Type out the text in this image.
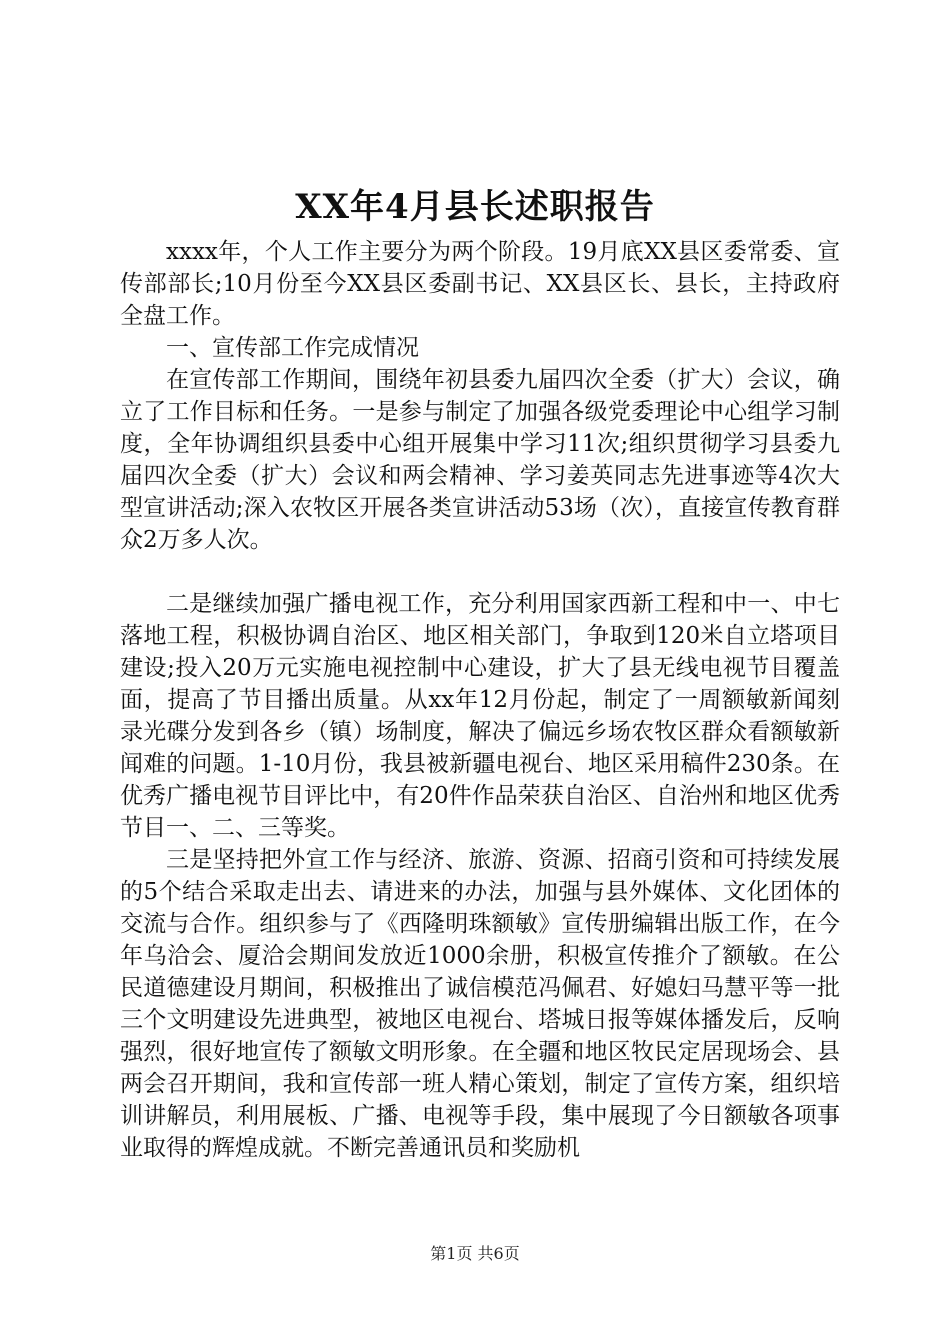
XX年4月县长述职报告

xxxx年，个人工作主要分为两个阶段。19月底XX县区委常委、宣传部部长;10月份至今XX县区委副书记、XX县区长、县长，主持政府全盘工作。

一、宣传部工作完成情况

在宣传部工作期间，围绕年初县委九届四次全委（扩大）会议，确立了工作目标和任务。一是参与制定了加强各级党委理论中心组学习制度，全年协调组织县委中心组开展集中学习11次;组织贯彻学习县委九届四次全委（扩大）会议和两会精神、学习姜英同志先进事迹等4次大型宣讲活动;深入农牧区开展各类宣讲活动53场（次），直接宣传教育群众2万多人次。

二是继续加强广播电视工作，充分利用国家西新工程和中一、中七落地工程，积极协调自治区、地区相关部门，争取到120米自立塔项目建设;投入20万元实施电视控制中心建设，扩大了县无线电视节目覆盖面，提高了节目播出质量。从xx年12月份起，制定了一周额敏新闻刻录光碟分发到各乡（镇）场制度，解决了偏远乡场农牧区群众看额敏新闻难的问题。1-10月份，我县被新疆电视台、地区采用稿件230条。在优秀广播电视节目评比中，有20件作品荣获自治区、自治州和地区优秀节目一、二、三等奖。

三是坚持把外宣工作与经济、旅游、资源、招商引资和可持续发展的5个结合采取走出去、请进来的办法，加强与县外媒体、文化团体的交流与合作。组织参与了《西隆明珠额敏》宣传册编辑出版工作，在今年乌洽会、厦洽会期间发放近1000余册，积极宣传推介了额敏。在公民道德建设月期间，积极推出了诚信模范冯佩君、好媳妇马慧平等一批三个文明建设先进典型，被地区电视台、塔城日报等媒体播发后，反响强烈，很好地宣传了额敏文明形象。在全疆和地区牧民定居现场会、县两会召开期间，我和宣传部一班人精心策划，制定了宣传方案，组织培训讲解员，利用展板、广播、电视等手段，集中展现了今日额敏各项事业取得的辉煌成就。不断完善通讯员和奖励机

第1页 共6页
